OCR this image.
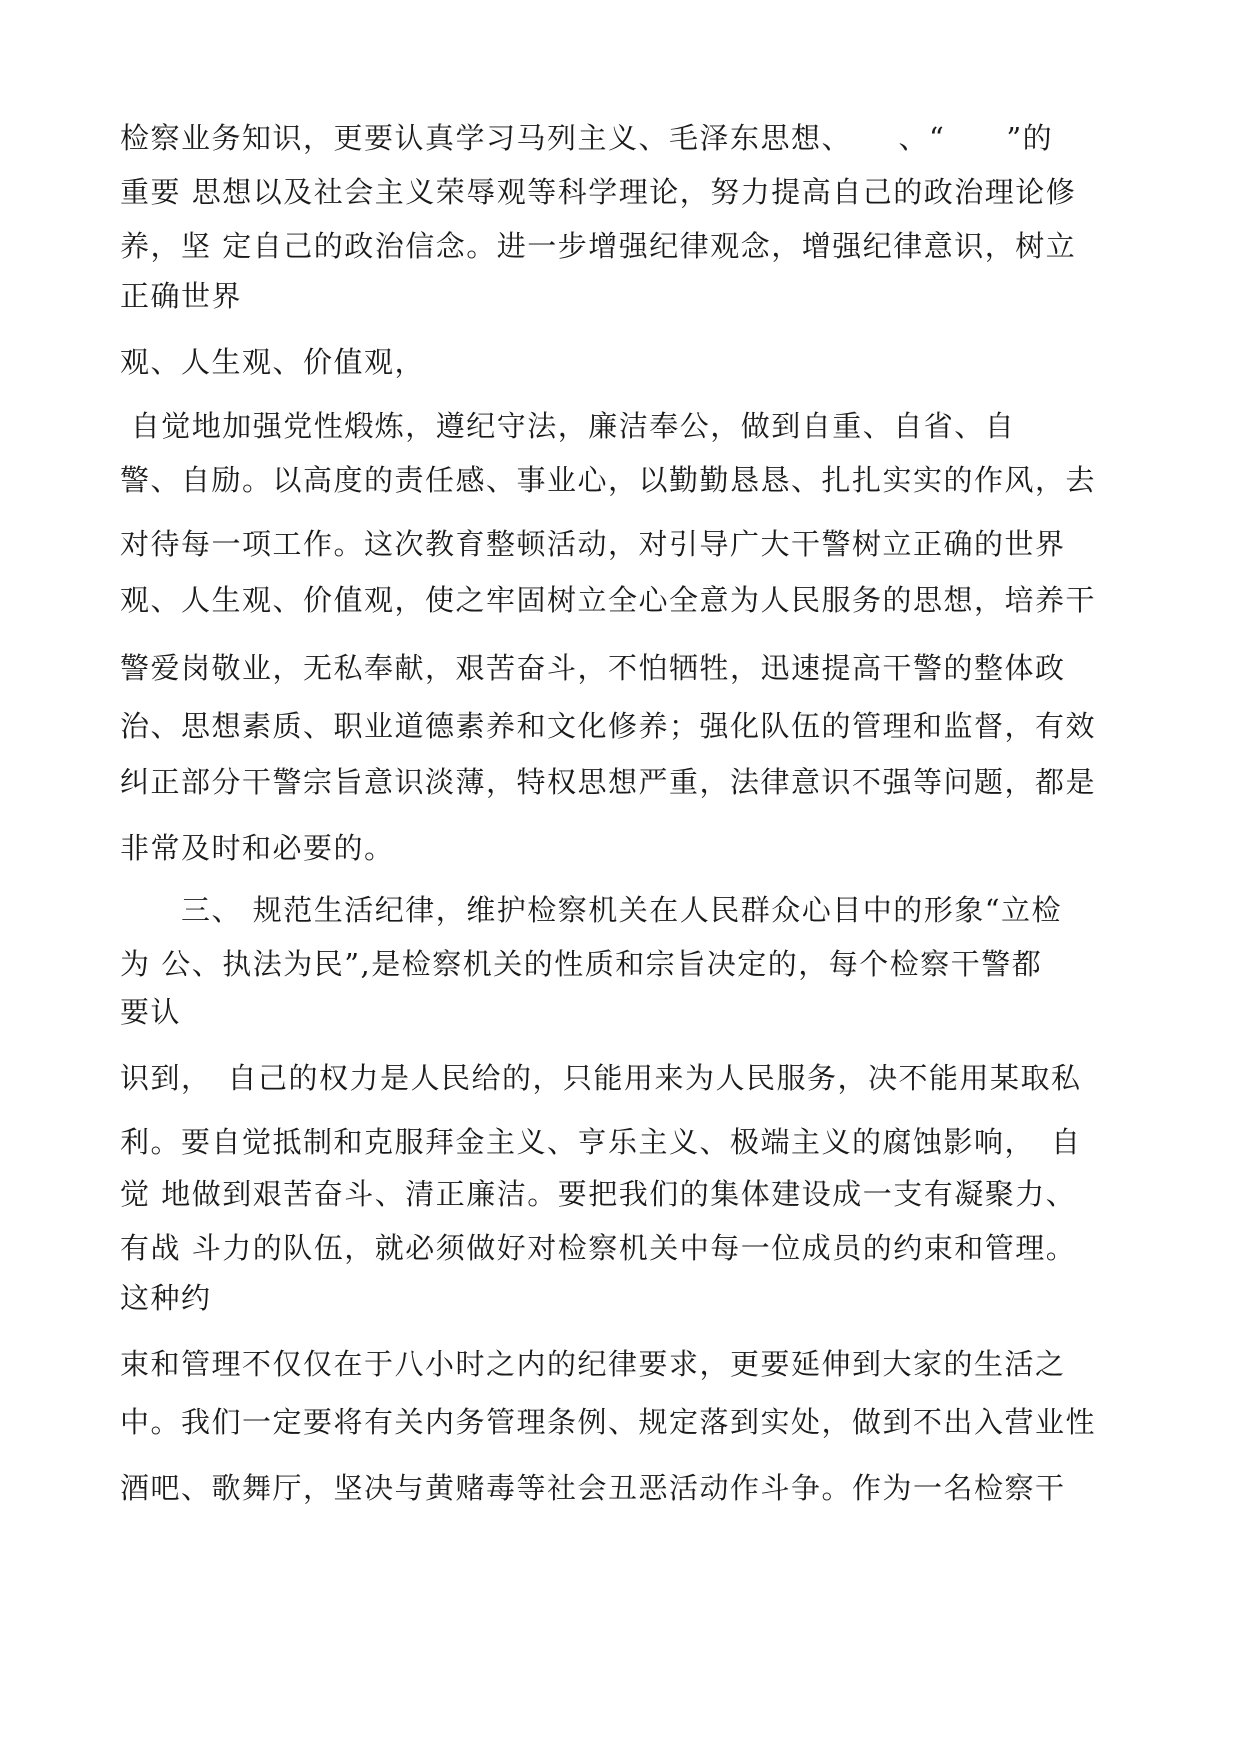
检察业务知识，更要认真学习马列主义、毛泽东思想、　　、“　　”的

重要 思想以及社会主义荣辱观等科学理论，努力提高自己的政治理论修

养，坚 定自己的政治信念。进一步增强纪律观念，增强纪律意识，树立

正确世界

观、人生观、价值观，

自觉地加强党性煅炼，遵纪守法，廉洁奉公，做到自重、自省、自

警、自励。以高度的责任感、事业心，以勤勤恳恳、扎扎实实的作风，去

对待每一项工作。这次教育整顿活动，对引导广大干警树立正确的世界

观、人生观、价值观，使之牢固树立全心全意为人民服务的思想，培养干

警爱岗敬业，无私奉献，艰苦奋斗，不怕牺牲，迅速提高干警的整体政

治、思想素质、职业道德素养和文化修养；强化队伍的管理和监督，有效

纠正部分干警宗旨意识淡薄，特权思想严重，法律意识不强等问题，都是

非常及时和必要的。

　　三、 规范生活纪律，维护检察机关在人民群众心目中的形象“立检

为 公、执法为民”,是检察机关的性质和宗旨决定的，每个检察干警都

要认

识到，　自己的权力是人民给的，只能用来为人民服务，决不能用某取私

利。要自觉抵制和克服拜金主义、亨乐主义、极端主义的腐蚀影响，　自

觉 地做到艰苦奋斗、清正廉洁。要把我们的集体建设成一支有凝聚力、

有战 斗力的队伍，就必须做好对检察机关中每一位成员的约束和管理。

这种约

束和管理不仅仅在于八小时之内的纪律要求，更要延伸到大家的生活之

中。我们一定要将有关内务管理条例、规定落到实处，做到不出入营业性

酒吧、歌舞厅，坚决与黄赌毒等社会丑恶活动作斗争。作为一名检察干
